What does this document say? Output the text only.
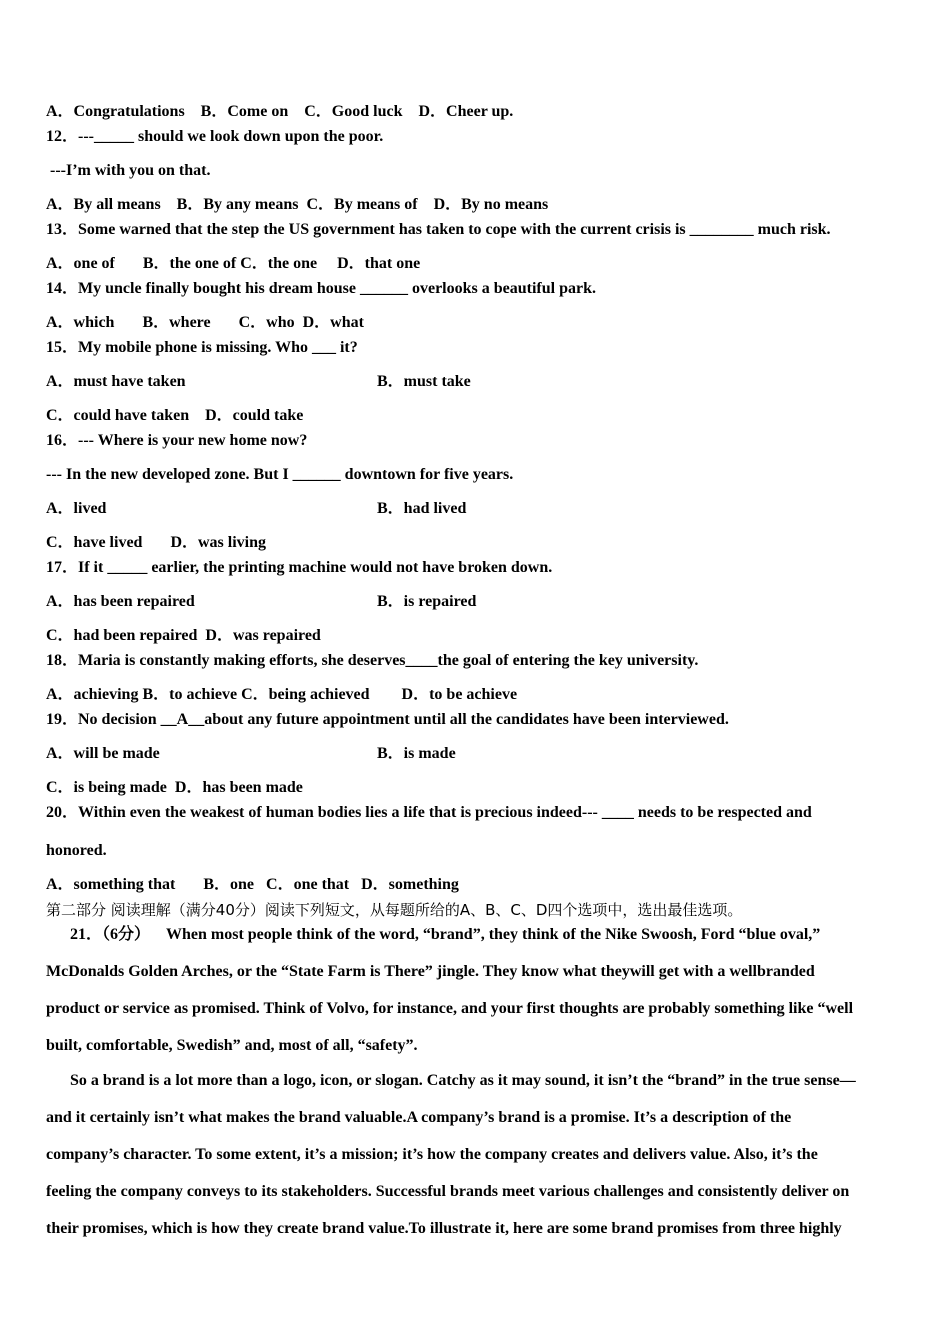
A．Congratulations    B．Come on    C．Good luck    D．Cheer up.
12．---_____ should we look down upon the poor.
---I’m with you on that.
A．By all means    B．By any means  C．By means of    D．By no means
13．Some warned that the step the US government has taken to cope with the current crisis is ________ much risk.
A．one of       B．the one of C．the one     D．that one
14．My uncle finally bought his dream house ______ overlooks a beautiful park.
A．which       B．where       C．who  D．what
15．My mobile phone is missing. Who ___ it?
A．must have taken	B．must take
C．could have taken    D．could take
16．--- Where is your new home now?
--- In the new developed zone. But I ______ downtown for five years.
A．lived	B．had lived
C．have lived       D．was living
17．If it _____ earlier, the printing machine would not have broken down.
A．has been repaired	B．is repaired
C．had been repaired  D．was repaired
18．Maria is constantly making efforts, she deserves____the goal of entering the key university.
A．achieving B．to achieve C．being achieved        D．to be achieve
19．No decision __A__about any future appointment until all the candidates have been interviewed.
A．will be made	B．is made
C．is being made  D．has been made
20．Within even the weakest of human bodies lies a life that is precious indeed--- ____ needs to be respected and
honored.
A．something that       B．one   C．one that   D．something
第二部分 阅读理解（满分40分）阅读下列短文，从每题所给的A、B、C、D四个选项中，选出最佳选项。
21．（6分）    When most people think of the word, “brand”, they think of the Nike Swoosh, Ford “blue oval,”
McDonalds Golden Arches, or the “State Farm is There” jingle. They know what theywill get with a wellbranded
product or service as promised. Think of Volvo, for instance, and your first thoughts are probably something like “well
built, comfortable, Swedish” and, most of all, “safety”.
So a brand is a lot more than a logo, icon, or slogan. Catchy as it may sound, it isn’t the “brand” in the true sense—
and it certainly isn’t what makes the brand valuable.A company’s brand is a promise. It’s a description of the
company’s character. To some extent, it’s a mission; it’s how the company creates and delivers value. Also, it’s the
feeling the company conveys to its stakeholders. Successful brands meet various challenges and consistently deliver on
their promises, which is how they create brand value.To illustrate it, here are some brand promises from three highly
